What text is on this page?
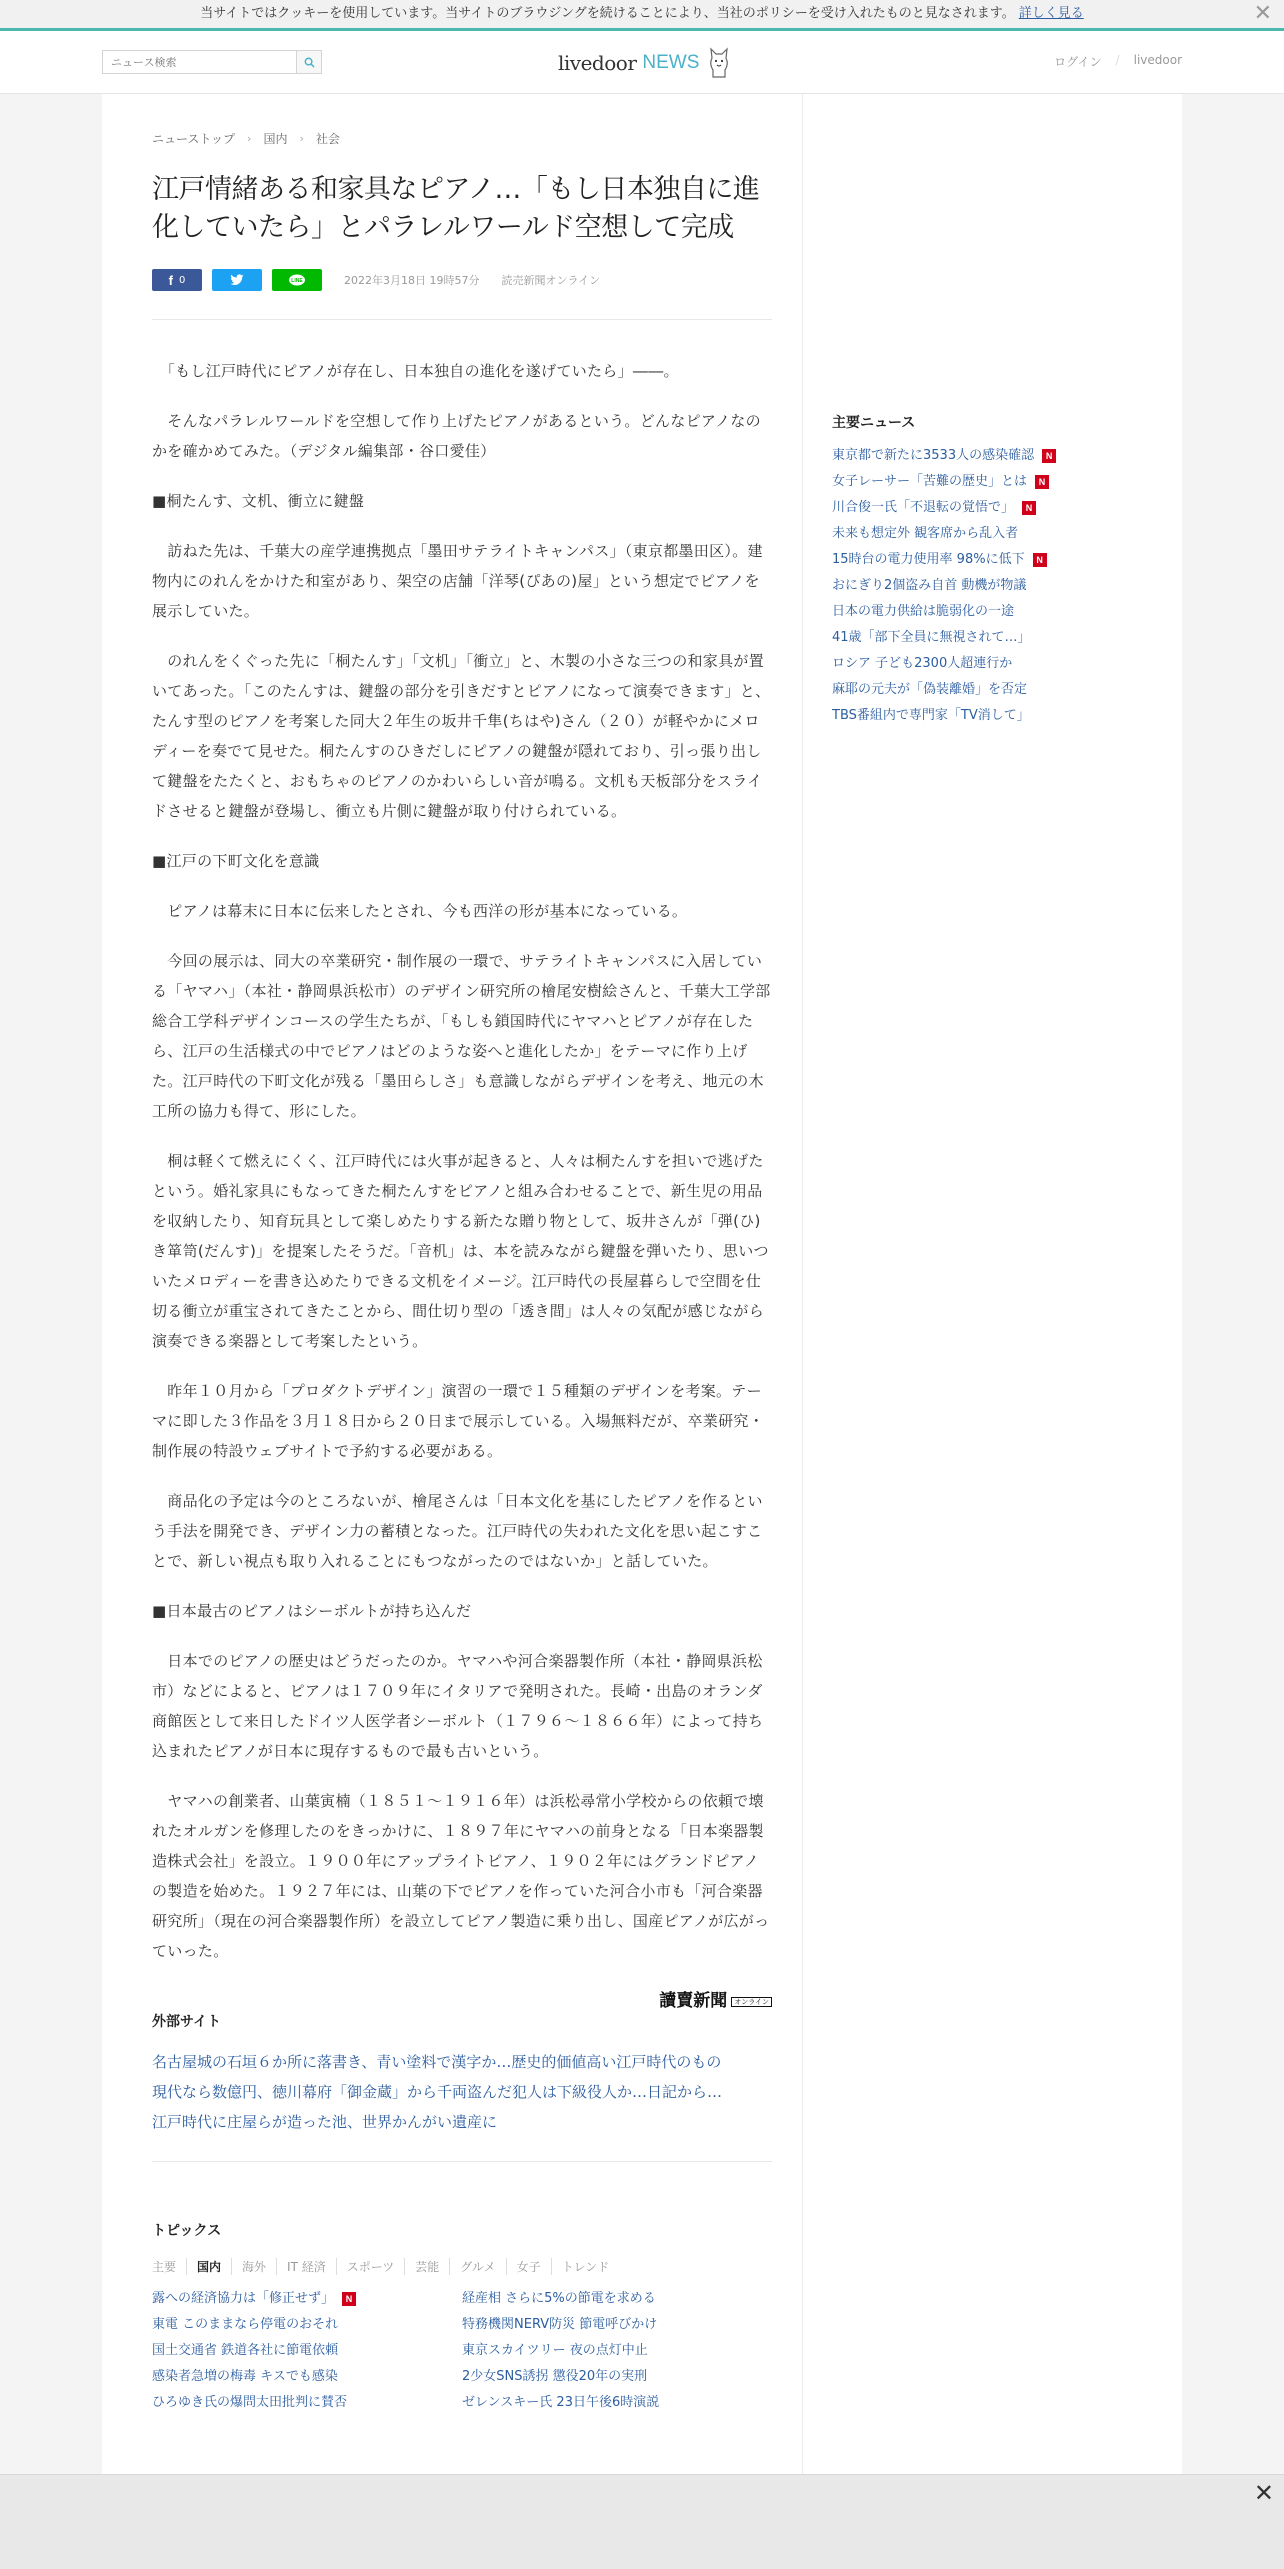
当サイトではクッキーを使用しています。当サイトのブラウジングを続けることにより、当社のポリシーを受け入れたものと見なされます。 詳しく見る	✕
ニュース検索
livedoor NEWS	ログイン / livedoor
ニューストップ › 国内 › 社会
江戸情緒ある和家具なピアノ…「もし日本独自に進化していたら」とパラレルワールド空想して完成
f 0	LINE	2022年3月18日 19時57分 読売新聞オンライン

　「もし江戸時代にピアノが存在し、日本独自の進化を遂げていたら」――。

　そんなパラレルワールドを空想して作り上げたピアノがあるという。どんなピアノなのかを確かめてみた。（デジタル編集部・谷口愛佳）

■桐たんす、文机、衝立に鍵盤

　訪ねた先は、千葉大の産学連携拠点「墨田サテライトキャンパス」（東京都墨田区）。建物内にのれんをかけた和室があり、架空の店舗「洋琴(ぴあの)屋」という想定でピアノを展示していた。

　のれんをくぐった先に「桐たんす」「文机」「衝立」と、木製の小さな三つの和家具が置いてあった。「このたんすは、鍵盤の部分を引きだすとピアノになって演奏できます」と、たんす型のピアノを考案した同大２年生の坂井千隼(ちはや)さん（２０）が軽やかにメロディーを奏でて見せた。桐たんすのひきだしにピアノの鍵盤が隠れており、引っ張り出して鍵盤をたたくと、おもちゃのピアノのかわいらしい音が鳴る。文机も天板部分をスライドさせると鍵盤が登場し、衝立も片側に鍵盤が取り付けられている。

■江戸の下町文化を意識

　ピアノは幕末に日本に伝来したとされ、今も西洋の形が基本になっている。

　今回の展示は、同大の卒業研究・制作展の一環で、サテライトキャンパスに入居している「ヤマハ」（本社・静岡県浜松市）のデザイン研究所の檜尾安樹絵さんと、千葉大工学部総合工学科デザインコースの学生たちが、「もしも鎖国時代にヤマハとピアノが存在したら、江戸の生活様式の中でピアノはどのような姿へと進化したか」をテーマに作り上げた。江戸時代の下町文化が残る「墨田らしさ」も意識しながらデザインを考え、地元の木工所の協力も得て、形にした。

　桐は軽くて燃えにくく、江戸時代には火事が起きると、人々は桐たんすを担いで逃げたという。婚礼家具にもなってきた桐たんすをピアノと組み合わせることで、新生児の用品を収納したり、知育玩具として楽しめたりする新たな贈り物として、坂井さんが「弾(ひ)き箪笥(だんす)」を提案したそうだ。「音机」は、本を読みながら鍵盤を弾いたり、思いついたメロディーを書き込めたりできる文机をイメージ。江戸時代の長屋暮らしで空間を仕切る衝立が重宝されてきたことから、間仕切り型の「透き間」は人々の気配が感じながら演奏できる楽器として考案したという。

　昨年１０月から「プロダクトデザイン」演習の一環で１５種類のデザインを考案。テーマに即した３作品を３月１８日から２０日まで展示している。入場無料だが、卒業研究・制作展の特設ウェブサイトで予約する必要がある。

　商品化の予定は今のところないが、檜尾さんは「日本文化を基にしたピアノを作るという手法を開発でき、デザイン力の蓄積となった。江戸時代の失われた文化を思い起こすことで、新しい視点も取り入れることにもつながったのではないか」と話していた。

■日本最古のピアノはシーボルトが持ち込んだ

　日本でのピアノの歴史はどうだったのか。ヤマハや河合楽器製作所（本社・静岡県浜松市）などによると、ピアノは１７０９年にイタリアで発明された。長崎・出島のオランダ商館医として来日したドイツ人医学者シーボルト（１７９６～１８６６年）によって持ち込まれたピアノが日本に現存するもので最も古いという。

　ヤマハの創業者、山葉寅楠（１８５１～１９１６年）は浜松尋常小学校からの依頼で壊れたオルガンを修理したのをきっかけに、１８９７年にヤマハの前身となる「日本楽器製造株式会社」を設立。１９００年にアップライトピアノ、１９０２年にはグランドピアノの製造を始めた。１９２７年には、山葉の下でピアノを作っていた河合小市も「河合楽器研究所」（現在の河合楽器製作所）を設立してピアノ製造に乗り出し、国産ピアノが広がっていった。

讀賣新聞 オンライン
外部サイト
名古屋城の石垣６か所に落書き、青い塗料で漢字か…歴史的価値高い江戸時代のもの
現代なら数億円、徳川幕府「御金蔵」から千両盗んだ犯人は下級役人か…日記から…
江戸時代に庄屋らが造った池、世界かんがい遺産に
トピックス
主要	国内	海外	IT 経済	スポーツ	芸能	グルメ	女子	トレンド
露への経済協力は「修正せず」	N	経産相 さらに5%の節電を求める
東電 このままなら停電のおそれ	特務機関NERV防災 節電呼びかけ
国土交通省 鉄道各社に節電依頼	東京スカイツリー 夜の点灯中止
感染者急増の梅毒 キスでも感染	2少女SNS誘拐 懲役20年の実刑
ひろゆき氏の爆問太田批判に賛否	ゼレンスキー氏 23日午後6時演説
主要ニュース
東京都で新たに3533人の感染確認	N
女子レーサー「苦難の歴史」とは	N
川合俊一氏「不退転の覚悟で」	N
未来も想定外 観客席から乱入者
15時台の電力使用率 98%に低下	N
おにぎり2個盗み自首 動機が物議
日本の電力供給は脆弱化の一途
41歳「部下全員に無視されて…」
ロシア 子ども2300人超連行か
麻耶の元夫が「偽装離婚」を否定
TBS番組内で専門家「TV消して」
✕
